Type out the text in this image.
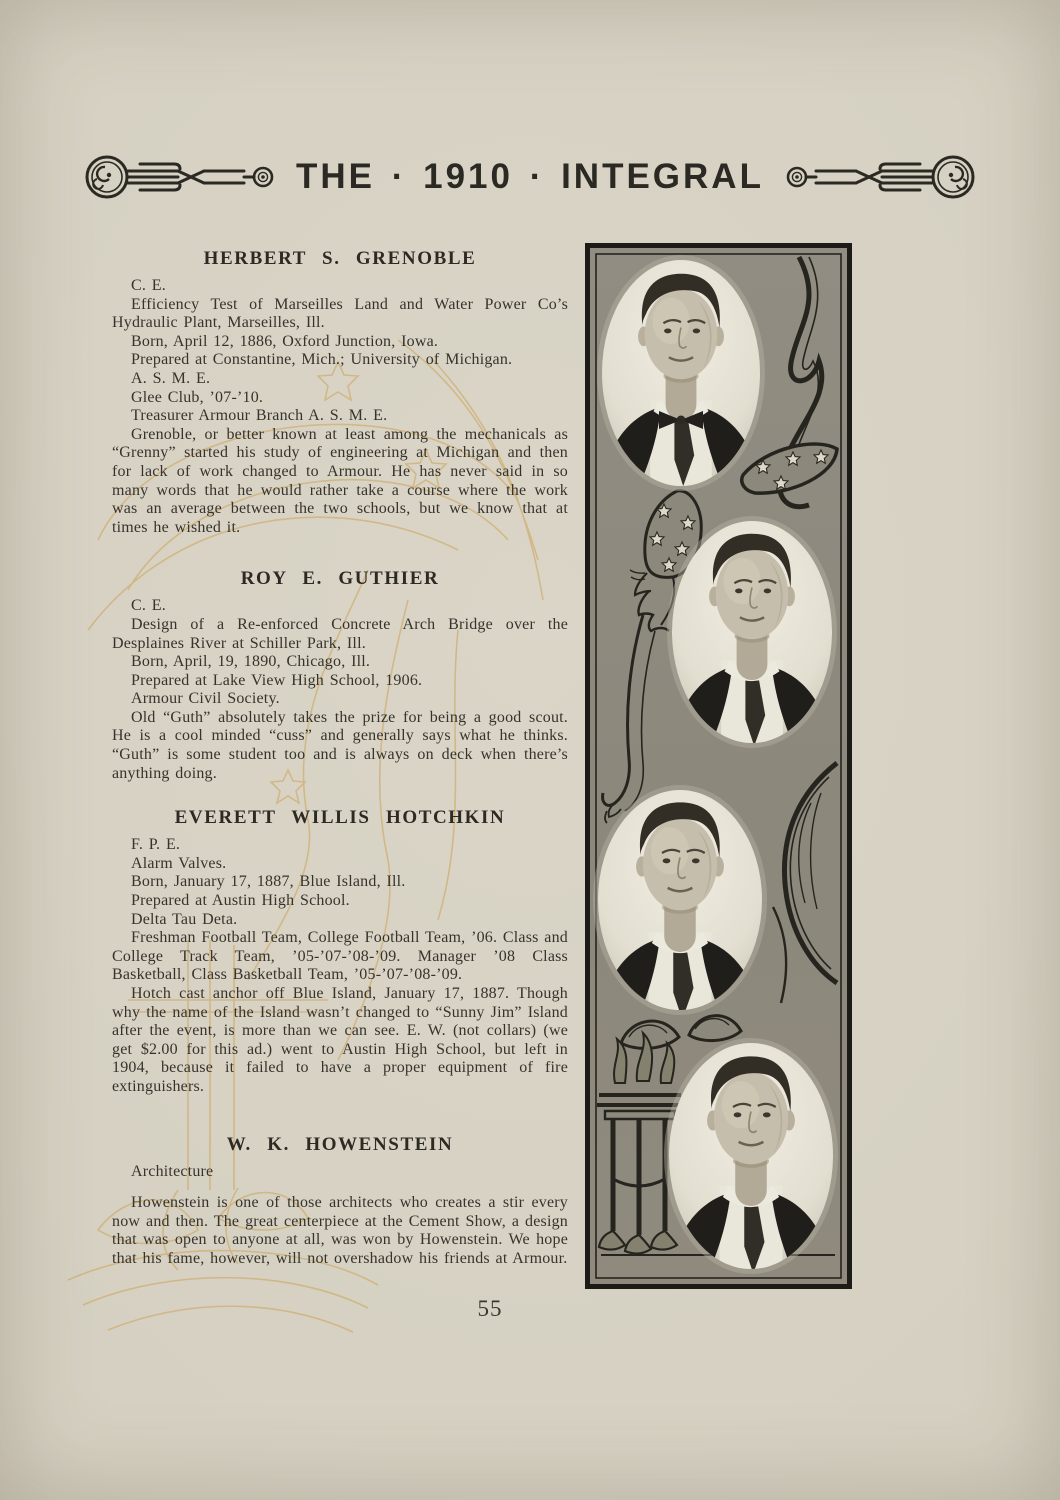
THE · 1910 · INTEGRAL
HERBERT S. GRENOBLE

C. E.

Efficiency Test of Marseilles Land and Water Power Co’s Hydraulic Plant, Marseilles, Ill.

Born, April 12, 1886, Oxford Junction, Iowa.

Prepared at Constantine, Mich.; University of Michigan.

A. S. M. E.

Glee Club, ’07-’10.

Treasurer Armour Branch A. S. M. E.

Grenoble, or better known at least among the mechanicals as “Grenny” started his study of engineering at Michigan and then for lack of work changed to Armour. He has never said in so many words that he would rather take a course where the work was an average between the two schools, but we know that at times he wished it.

ROY E. GUTHIER

C. E.

Design of a Re-enforced Concrete Arch Bridge over the Desplaines River at Schiller Park, Ill.

Born, April, 19, 1890, Chicago, Ill.

Prepared at Lake View High School, 1906.

Armour Civil Society.

Old “Guth” absolutely takes the prize for being a good scout. He is a cool minded “cuss” and generally says what he thinks. “Guth” is some student too and is always on deck when there’s anything doing.

EVERETT WILLIS HOTCHKIN

F. P. E.

Alarm Valves.

Born, January 17, 1887, Blue Island, Ill.

Prepared at Austin High School.

Delta Tau Deta.

Freshman Football Team, College Football Team, ’06. Class and College Track Team, ’05-’07-’08-’09. Manager ’08 Class Basketball, Class Basketball Team, ’05-’07-’08-’09.

Hotch cast anchor off Blue Island, January 17, 1887. Though why the name of the Island wasn’t changed to “Sunny Jim” Island after the event, is more than we can see. E. W. (not collars) (we get $2.00 for this ad.) went to Austin High School, but left in 1904, because it failed to have a proper equipment of fire extinguishers.

W. K. HOWENSTEIN

Architecture

Howenstein is one of those architects who creates a stir every now and then. The great centerpiece at the Cement Show, a design that was open to anyone at all, was won by Howenstein. We hope that his fame, however, will not overshadow his friends at Armour.

55
